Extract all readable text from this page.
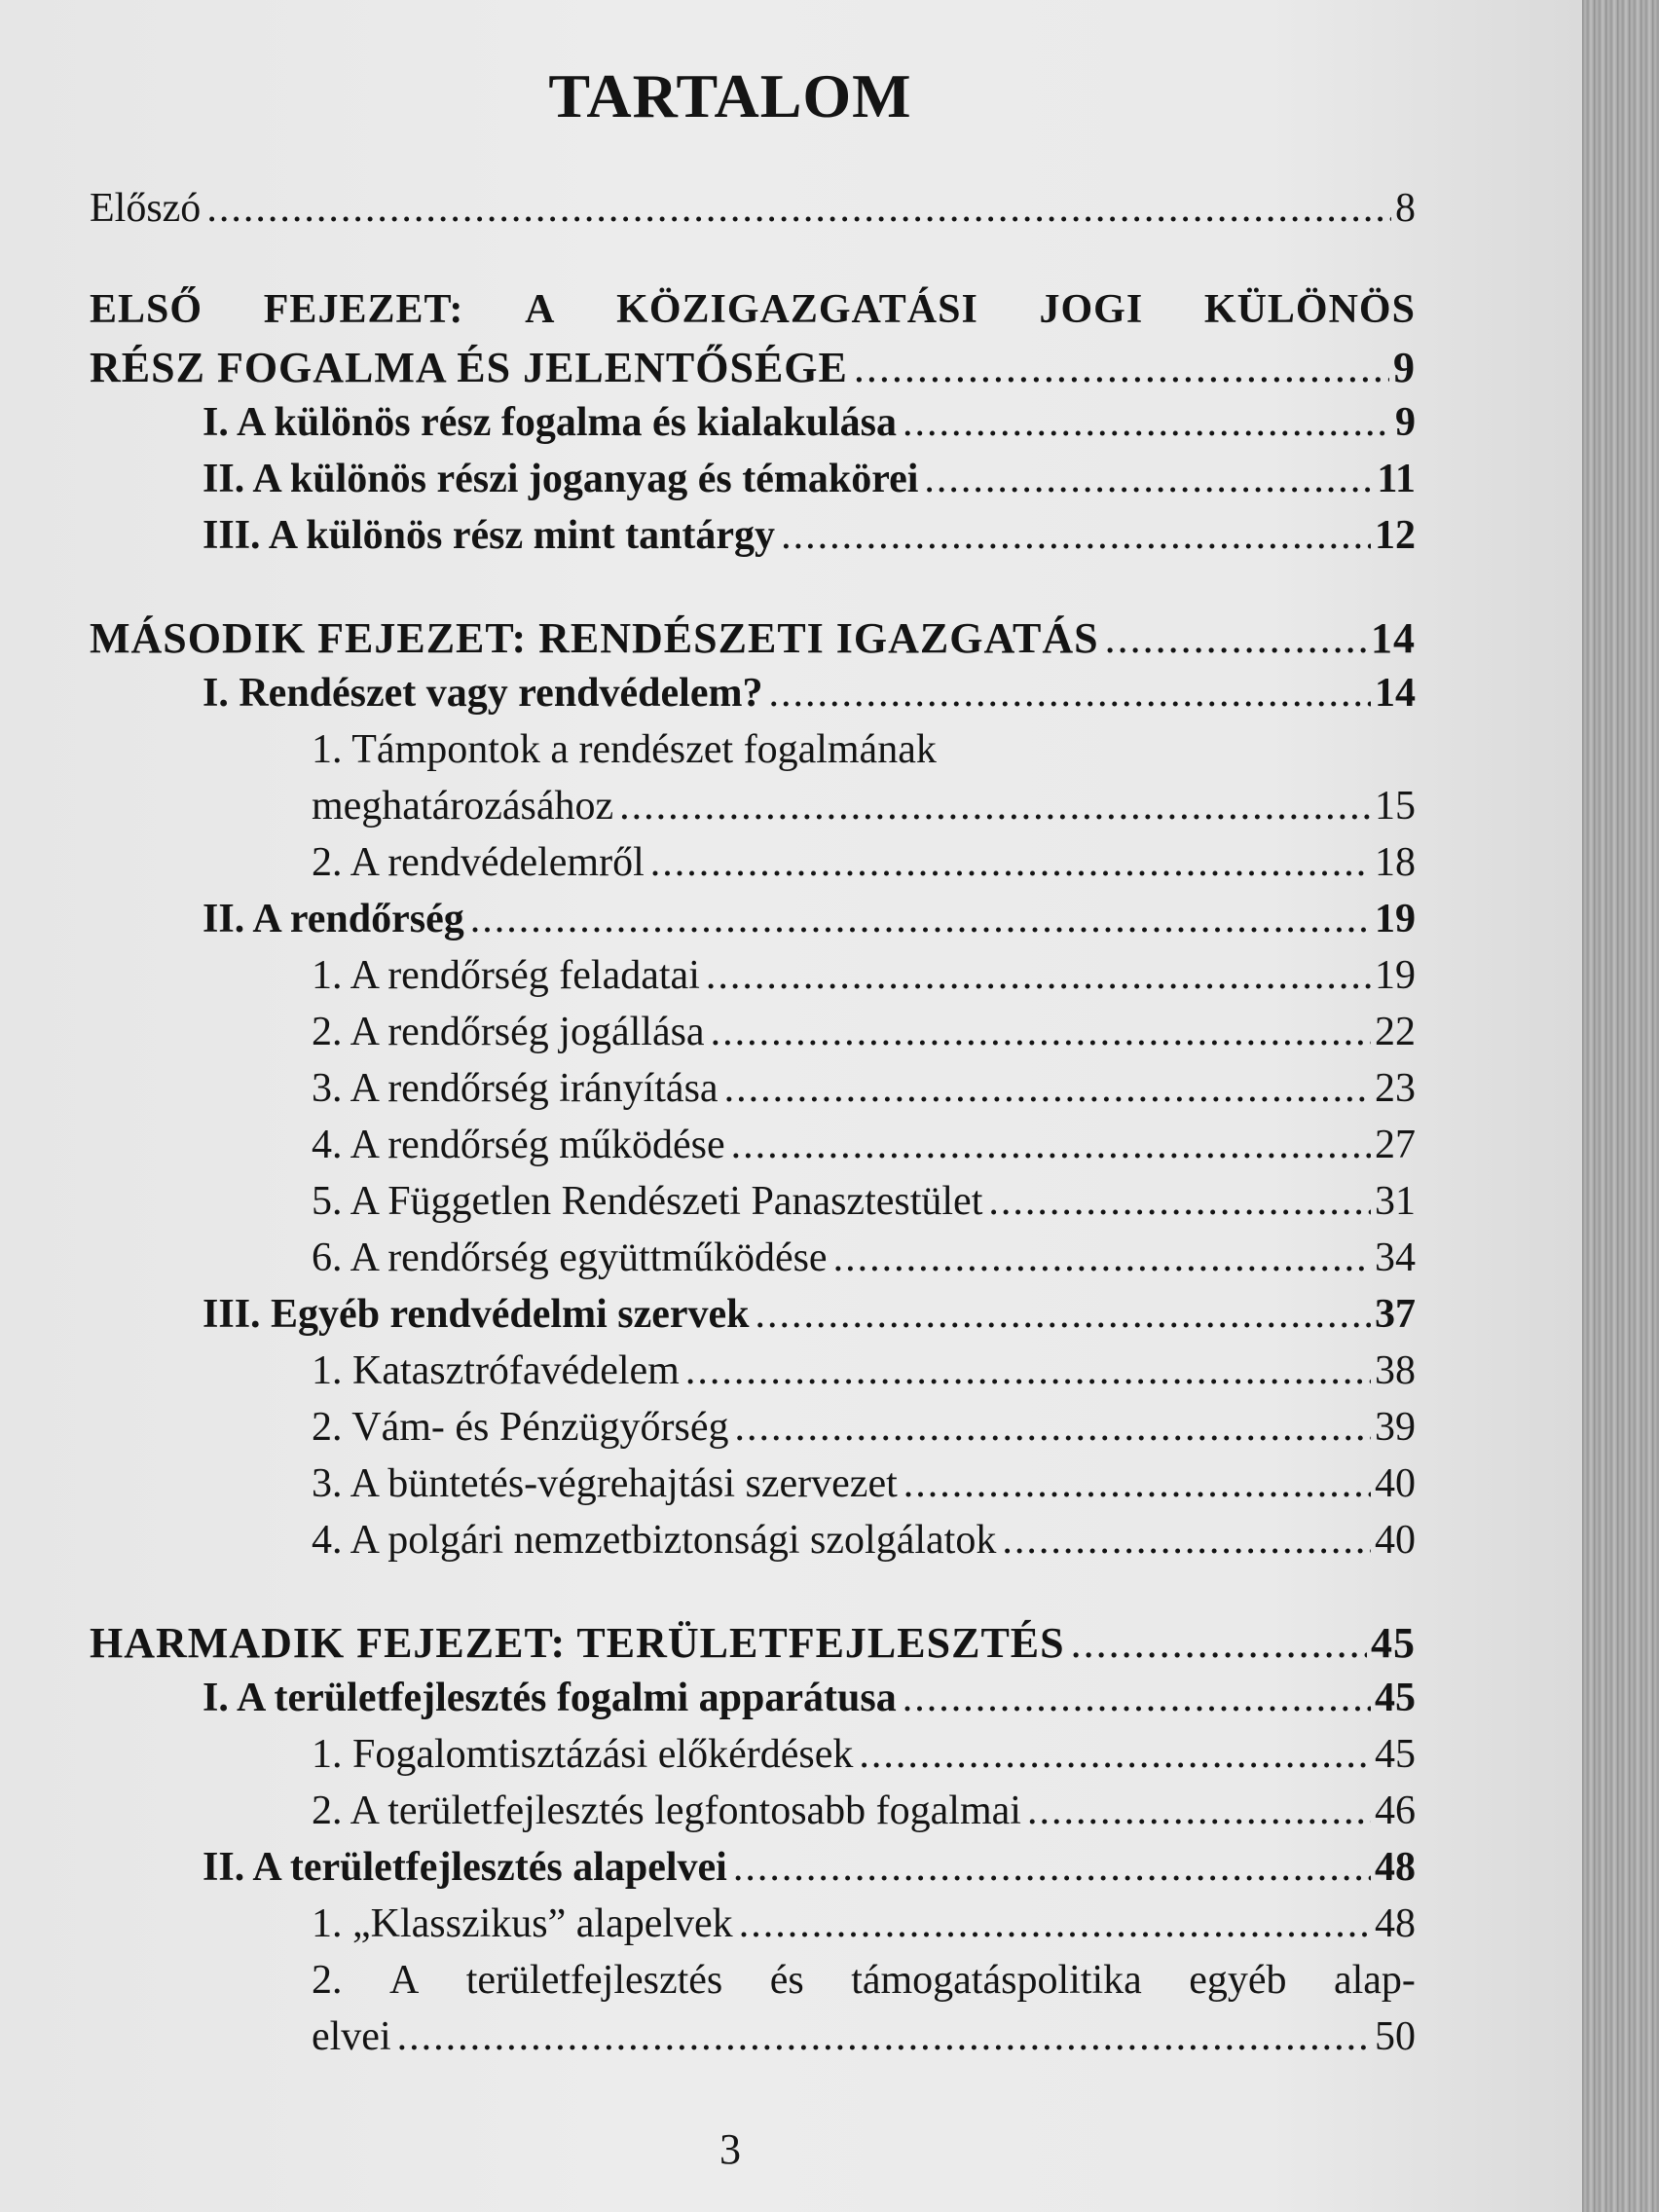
TARTALOM
Előszó .....	8
ELSŐ FEJEZET: A KÖZIGAZGATÁSI JOGI KÜLÖNÖS
RÉSZ FOGALMA ÉS JELENTŐSÉGE .....	9
I. A különös rész fogalma és kialakulása .....	9
II. A különös részi joganyag és témakörei .....	11
III. A különös rész mint tantárgy .....	12
MÁSODIK FEJEZET: RENDÉSZETI IGAZGATÁS .....	14
I. Rendészet vagy rendvédelem? .....	14
1. Támpontok a rendészet fogalmának
meghatározásához .....	15
2. A rendvédelemről .....	18
II. A rendőrség .....	19
1. A rendőrség feladatai .....	19
2. A rendőrség jogállása .....	22
3. A rendőrség irányítása .....	23
4. A rendőrség működése .....	27
5. A Független Rendészeti Panasztestület .....	31
6. A rendőrség együttműködése .....	34
III. Egyéb rendvédelmi szervek .....	37
1. Katasztrófavédelem .....	38
2. Vám- és Pénzügyőrség .....	39
3. A büntetés-végrehajtási szervezet .....	40
4. A polgári nemzetbiztonsági szolgálatok .....	40
HARMADIK FEJEZET: TERÜLETFEJLESZTÉS .....	45
I. A területfejlesztés fogalmi apparátusa .....	45
1. Fogalomtisztázási előkérdések .....	45
2. A területfejlesztés legfontosabb fogalmai .....	46
II. A területfejlesztés alapelvei .....	48
1. „Klasszikus” alapelvek .....	48
2. A területfejlesztés és támogatáspolitika egyéb alap-
elvei .....	50
3
